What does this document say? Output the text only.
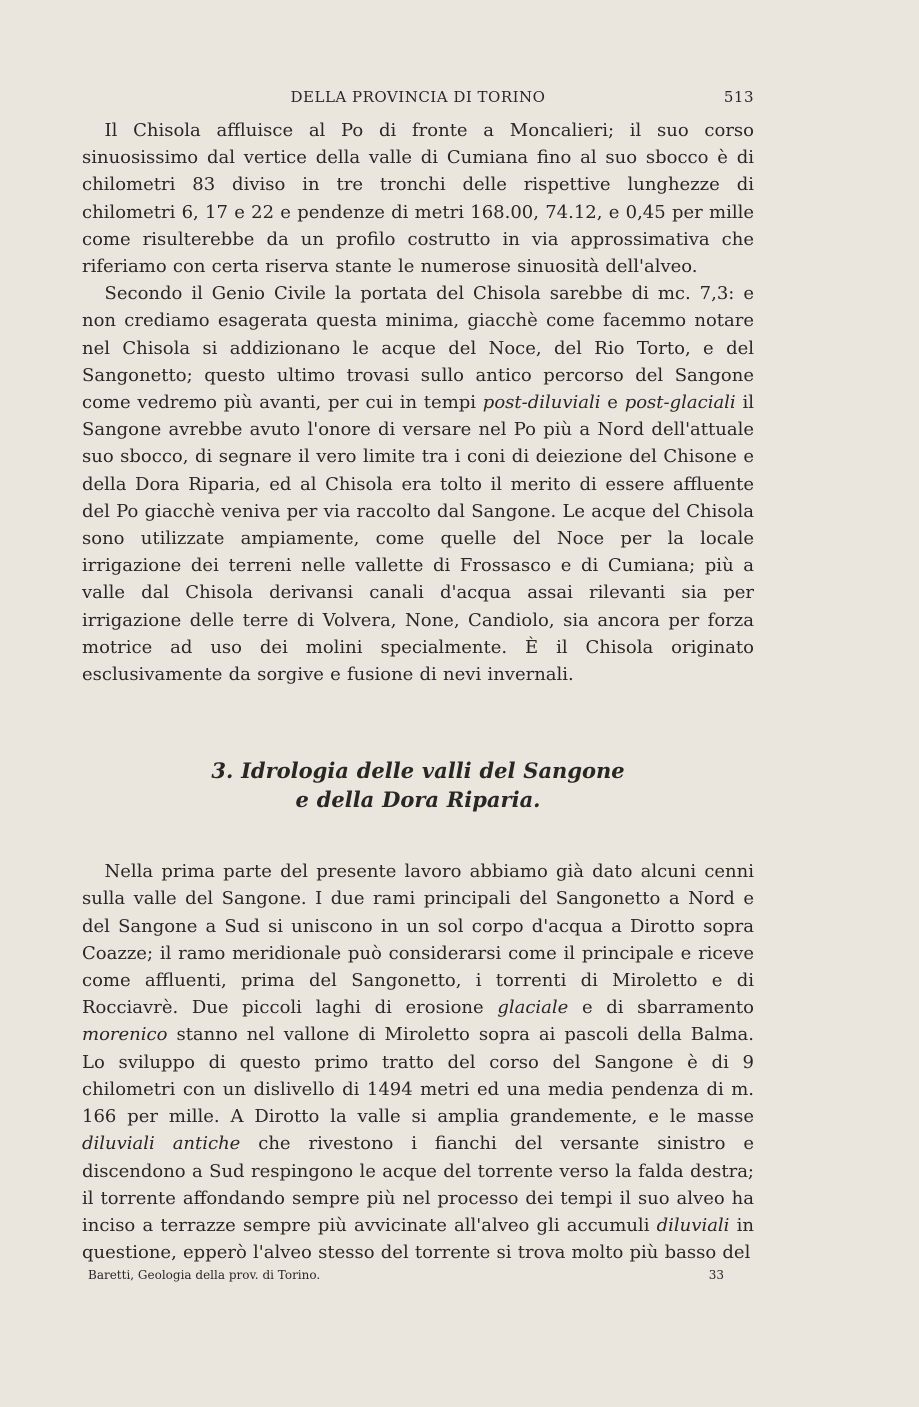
DELLA PROVINCIA DI TORINO	513

Il Chisola affluisce al Po di fronte a Moncalieri; il suo corso sinuosissimo dal vertice della valle di Cumiana fino al suo sbocco è di chilometri 83 diviso in tre tronchi delle rispettive lunghezze di chilometri 6, 17 e 22 e pendenze di metri 168.00, 74.12, e 0,45 per mille come risulterebbe da un profilo costrutto in via approssimativa che riferiamo con certa riserva stante le numerose sinuosità dell'alveo.

Secondo il Genio Civile la portata del Chisola sarebbe di mc. 7,3: e non crediamo esagerata questa minima, giacchè come facemmo notare nel Chisola si addizionano le acque del Noce, del Rio Torto, e del Sangonetto; questo ultimo trovasi sullo antico percorso del Sangone come vedremo più avanti, per cui in tempi post-diluviali e post-glaciali il Sangone avrebbe avuto l'onore di versare nel Po più a Nord dell'attuale suo sbocco, di segnare il vero limite tra i coni di deiezione del Chisone e della Dora Riparia, ed al Chisola era tolto il merito di essere affluente del Po giacchè veniva per via raccolto dal Sangone. Le acque del Chisola sono utilizzate ampiamente, come quelle del Noce per la locale irrigazione dei terreni nelle vallette di Frossasco e di Cumiana; più a valle dal Chisola derivansi canali d'acqua assai rilevanti sia per irrigazione delle terre di Volvera, None, Candiolo, sia ancora per forza motrice ad uso dei molini specialmente. È il Chisola originato esclusivamente da sorgive e fusione di nevi invernali.

3. Idrologia delle valli del Sangone
e della Dora Riparia.

Nella prima parte del presente lavoro abbiamo già dato alcuni cenni sulla valle del Sangone. I due rami principali del Sangonetto a Nord e del Sangone a Sud si uniscono in un sol corpo d'acqua a Dirotto sopra Coazze; il ramo meridionale può considerarsi come il principale e riceve come affluenti, prima del Sangonetto, i torrenti di Miroletto e di Rocciavrè. Due piccoli laghi di erosione glaciale e di sbarramento morenico stanno nel vallone di Miroletto sopra ai pascoli della Balma. Lo sviluppo di questo primo tratto del corso del Sangone è di 9 chilometri con un dislivello di 1494 metri ed una media pendenza di m. 166 per mille. A Dirotto la valle si amplia grandemente, e le masse diluviali antiche che rivestono i fianchi del versante sinistro e discendono a Sud respingono le acque del torrente verso la falda destra; il torrente affondando sempre più nel processo dei tempi il suo alveo ha inciso a terrazze sempre più avvicinate all'alveo gli accumuli diluviali in questione, epperò l'alveo stesso del torrente si trova molto più basso del

Baretti, Geologia della prov. di Torino.	33
